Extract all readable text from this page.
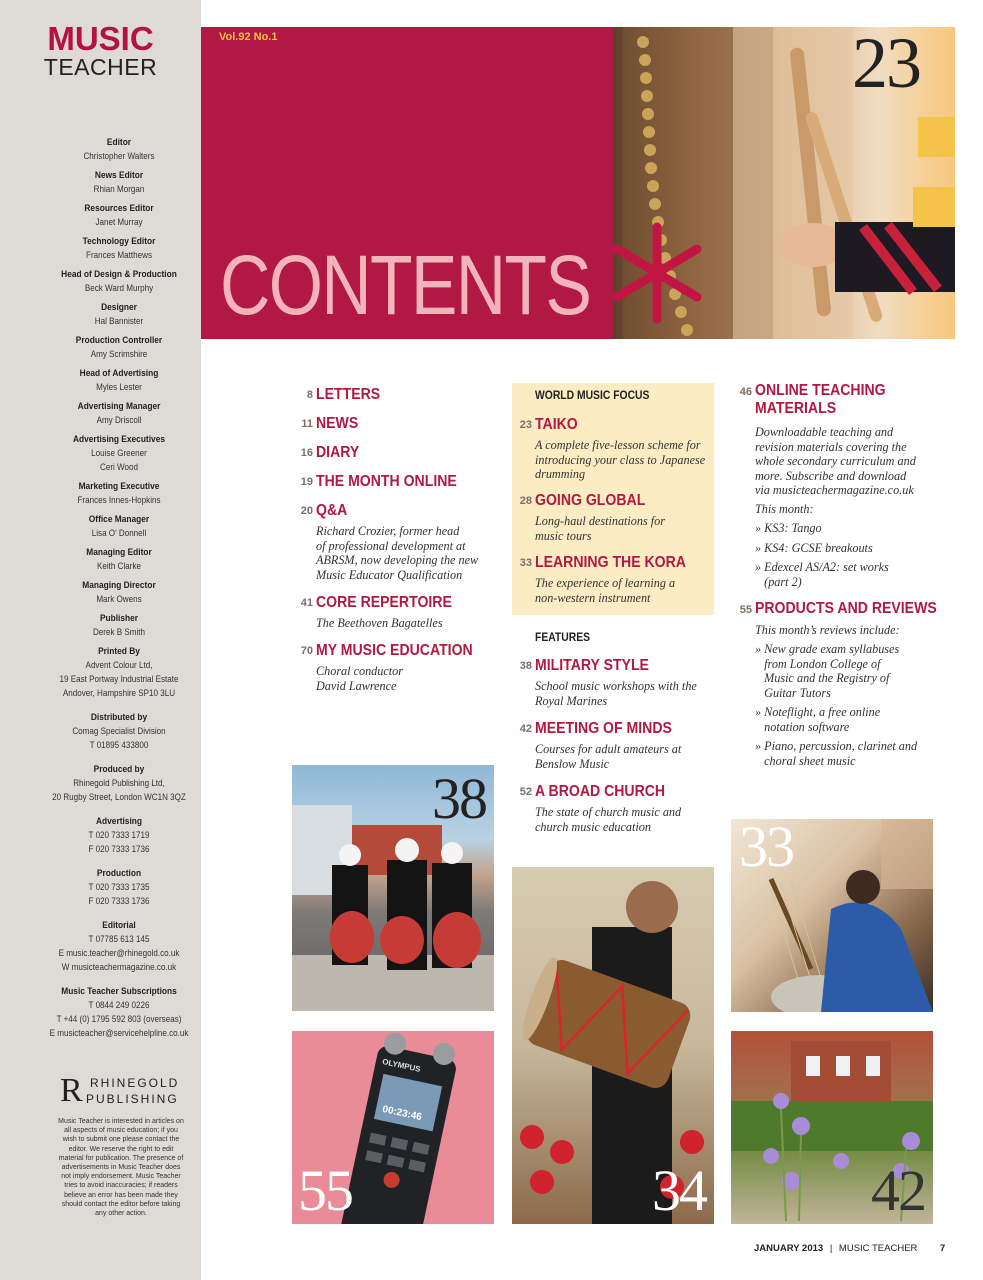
MUSIC
TEACHER
Editor
Christopher Walters
News Editor
Rhian Morgan
Resources Editor
Janet Murray
Technology Editor
Frances Matthews
Head of Design & Production
Beck Ward Murphy
Designer
Hal Bannister
Production Controller
Amy Scrimshire
Head of Advertising
Myles Lester
Advertising Manager
Amy Driscoll
Advertising Executives
Louise Greener
Ceri Wood
Marketing Executive
Frances Innes-Hopkins
Office Manager
Lisa O' Donnell
Managing Editor
Keith Clarke
Managing Director
Mark Owens
Publisher
Derek B Smith
Printed By
Advent Colour Ltd,
19 East Portway Industrial Estate
Andover, Hampshire SP10 3LU
Distributed by
Comag Specialist Division
T 01895 433800
Produced by
Rhinegold Publishing Ltd,
20 Rugby Street, London WC1N 3QZ
Advertising
T 020 7333 1719
F 020 7333 1736
Production
T 020 7333 1735
F 020 7333 1736
Editorial
T 07785 613 145
E music.teacher@rhinegold.co.uk
W musicteachermagazine.co.uk
Music Teacher Subscriptions
T 0844 249 0226
T +44 (0) 1795 592 803 (overseas)
E musicteacher@servicehelpline.co.uk
R RHINEGOLD
PUBLISHING
Music Teacher is interested in articles on all aspects of music education; if you wish to submit one please contact the editor. We reserve the right to edit material for publication. The presence of advertisements in Music Teacher does not imply endorsement. Music Teacher tries to avoid inaccuracies; if readers believe an error has been made they should contact the editor before taking any other action.
Vol.92 No.1
CONTENTS
23
8 LETTERS
11 NEWS
16 DIARY
19 THE MONTH ONLINE
20 Q&A
Richard Crozier, former head
of professional development at
ABRSM, now developing the new
Music Educator Qualification
41 CORE REPERTOIRE
The Beethoven Bagatelles
70 MY MUSIC EDUCATION
Choral conductor
David Lawrence
WORLD MUSIC FOCUS
23 TAIKO
A complete five-lesson scheme for
introducing your class to Japanese
drumming
28 GOING GLOBAL
Long-haul destinations for
music tours
33 LEARNING THE KORA
The experience of learning a
non-western instrument
FEATURES
38 MILITARY STYLE
School music workshops with the
Royal Marines
42 MEETING OF MINDS
Courses for adult amateurs at
Benslow Music
52 A BROAD CHURCH
The state of church music and
church music education
46 ONLINE TEACHING
MATERIALS
Downloadable teaching and
revision materials covering the
whole secondary curriculum and
more. Subscribe and download
via musicteachermagazine.co.uk
This month:
» KS3: Tango
» KS4: GCSE breakouts
» Edexcel AS/A2: set works
(part 2)
55 PRODUCTS AND REVIEWS
This month’s reviews include:
» New grade exam syllabuses
from London College of
Music and the Registry of
Guitar Tutors
» Noteflight, a free online
notation software
» Piano, percussion, clarinet and
choral sheet music
38
33
OLYMPUS
00:23:46
55	34	42
JANUARY 2013 | MUSIC TEACHER 7
